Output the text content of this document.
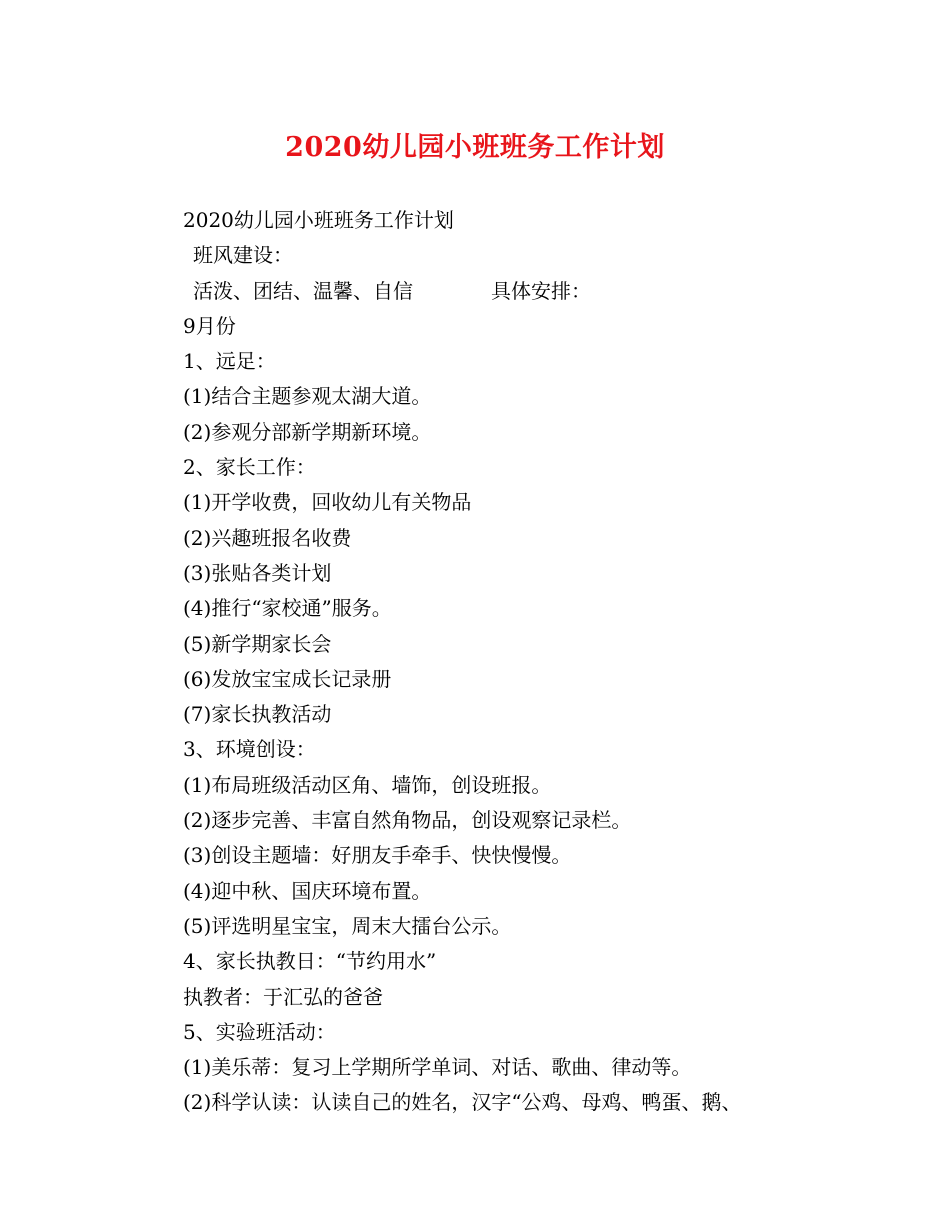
2020幼儿园小班班务工作计划
2020幼儿园小班班务工作计划
班风建设：
活泼、团结、温馨、自信	具体安排：
9月份
1、远足：
(1)结合主题参观太湖大道。
(2)参观分部新学期新环境。
2、家长工作：
(1)开学收费，回收幼儿有关物品
(2)兴趣班报名收费
(3)张贴各类计划
(4)推行“家校通”服务。
(5)新学期家长会
(6)发放宝宝成长记录册
(7)家长执教活动
3、环境创设：
(1)布局班级活动区角、墙饰，创设班报。
(2)逐步完善、丰富自然角物品，创设观察记录栏。
(3)创设主题墙：好朋友手牵手、快快慢慢。
(4)迎中秋、国庆环境布置。
(5)评选明星宝宝，周末大擂台公示。
4、家长执教日：“节约用水”
执教者：于汇弘的爸爸
5、实验班活动：
(1)美乐蒂：复习上学期所学单词、对话、歌曲、律动等。
(2)科学认读：认读自己的姓名，汉字“公鸡、母鸡、鸭蛋、鹅、
